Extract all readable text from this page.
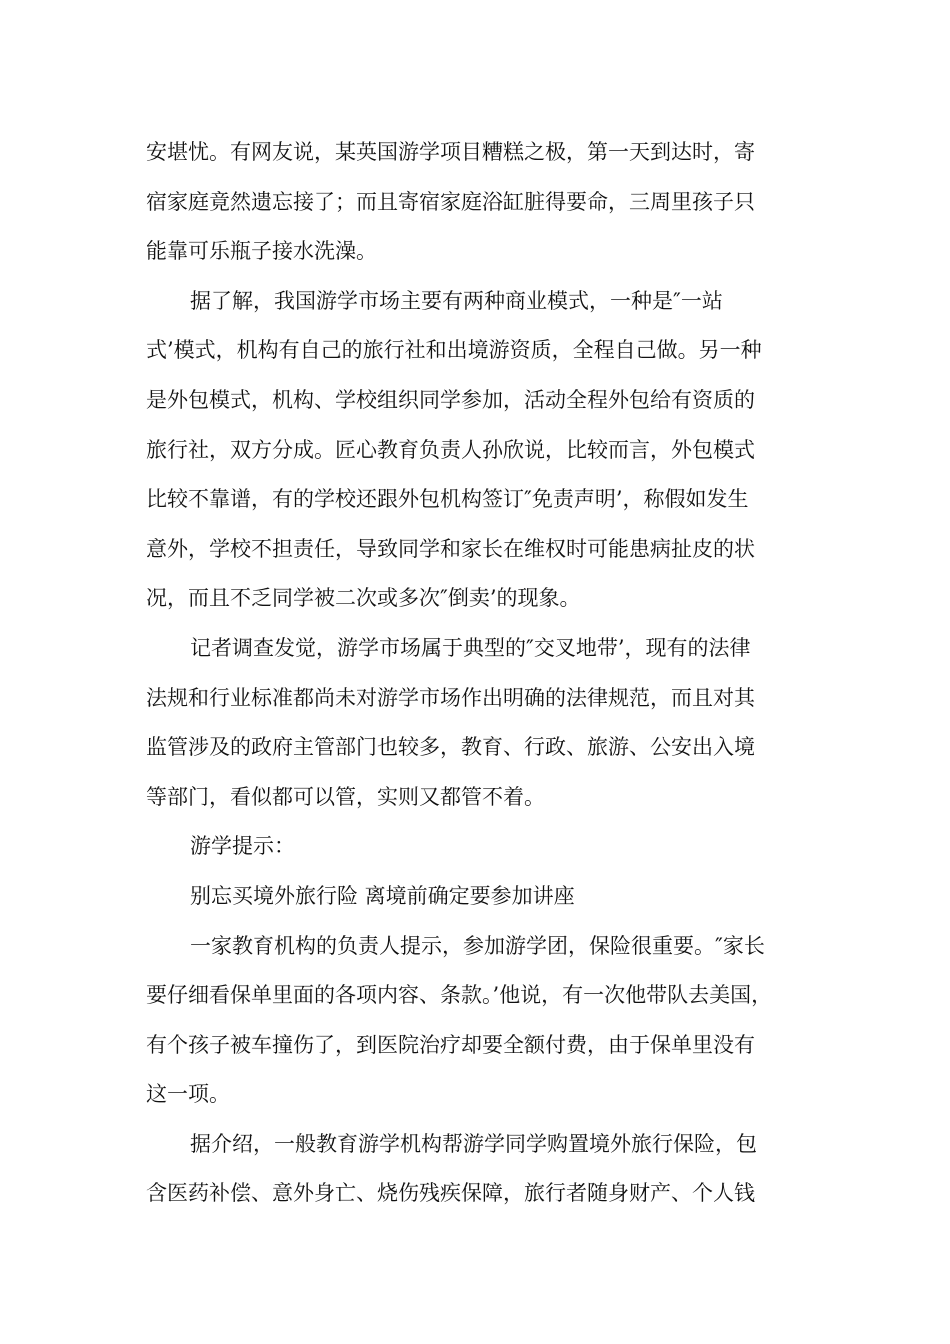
安堪忧。有网友说，某英国游学项目糟糕之极，第一天到达时，寄
宿家庭竟然遗忘接了；而且寄宿家庭浴缸脏得要命，三周里孩子只
能靠可乐瓶子接水洗澡。
据了解，我国游学市场主要有两种商业模式，一种是″一站
式’模式，机构有自己的旅行社和出境游资质，全程自己做。另一种
是外包模式，机构、学校组织同学参加，活动全程外包给有资质的
旅行社，双方分成。匠心教育负责人孙欣说，比较而言，外包模式
比较不靠谱，有的学校还跟外包机构签订″免责声明’，称假如发生
意外，学校不担责任，导致同学和家长在维权时可能患病扯皮的状
况，而且不乏同学被二次或多次″倒卖’的现象。
记者调查发觉，游学市场属于典型的″交叉地带’，现有的法律
法规和行业标准都尚未对游学市场作出明确的法律规范，而且对其
监管涉及的政府主管部门也较多，教育、行政、旅游、公安出入境
等部门，看似都可以管，实则又都管不着。
游学提示：
别忘买境外旅行险 离境前确定要参加讲座
一家教育机构的负责人提示，参加游学团，保险很重要。″家长
要仔细看保单里面的各项内容、条款。’他说，有一次他带队去美国，
有个孩子被车撞伤了，到医院治疗却要全额付费，由于保单里没有
这一项。
据介绍，一般教育游学机构帮游学同学购置境外旅行保险，包
含医药补偿、意外身亡、烧伤残疾保障，旅行者随身财产、个人钱
